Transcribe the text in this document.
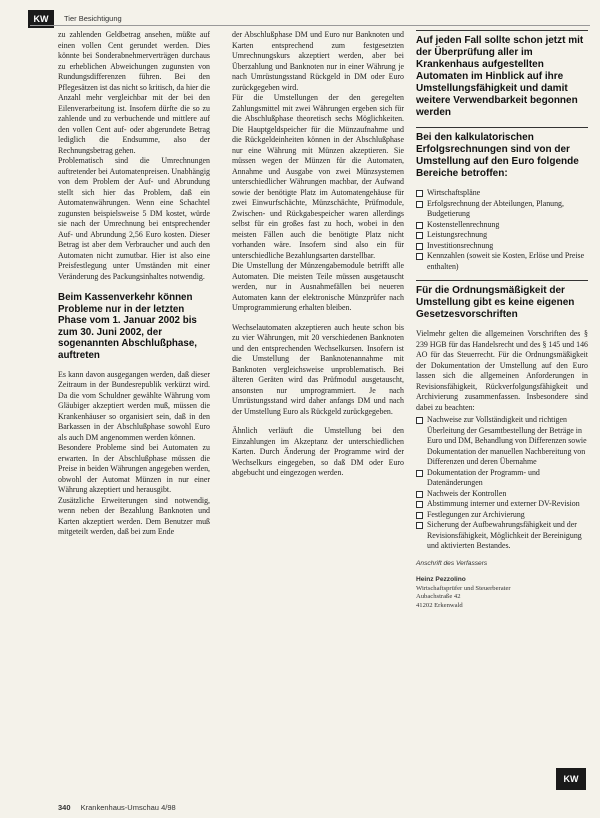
KW	Tier Besichtigung

zu zahlenden Geldbetrag ansehen, müßte auf einen vollen Cent gerundet werden. Dies könnte bei Sonderabnehmerverträgen durchaus zu erheblichen Abweichungen zugunsten von Rundungsdifferenzen führen. Bei den Pflegesätzen ist das nicht so kritisch, da hier die Anzahl mehr vergleichbar mit der bei den Eilenverarbeitung ist. Insofern dürfte die so zu zahlende und zu verbuchende und mittlere auf den vollen Cent auf- oder abgerundete Betrag lediglich die Endsumme, also der Rechnungsbetrag gehen.

Problematisch sind die Umrechnungen auftretender bei Automatenpreisen. Unabhängig von dem Problem der Auf- und Abrundung stellt sich hier das Problem, daß ein Automatenwährungen. Wenn eine Schachtel zugunsten beispielsweise 5 DM kostet, würde sie nach der Umrechnung bei entsprechender Auf- und Abrundung 2,56 Euro kosten. Dieser Betrag ist aber dem Verbraucher und auch den Automaten nicht zumutbar. Hier ist also eine Preisfestlegung unter Umständen mit einer Veränderung des Packungsinhaltes notwendig.

Beim Kassenverkehr können Probleme nur in der letzten Phase vom 1. Januar 2002 bis zum 30. Juni 2002, der sogenannten Abschlußphase, auftreten

Es kann davon ausgegangen werden, daß dieser Zeitraum in der Bundesrepublik verkürzt wird. Da die vom Schuldner gewählte Währung vom Gläubiger akzeptiert werden muß, müssen die Krankenhäuser so organisiert sein, daß in den Barkassen in der Abschlußphase sowohl Euro als auch DM angenommen werden können.

Besondere Probleme sind bei Automaten zu erwarten. In der Abschlußphase müssen die Preise in beiden Währungen angegeben werden, obwohl der Automat Münzen in nur einer Währung akzeptiert und herausgibt.

Zusätzliche Erweiterungen sind notwendig, wenn neben der Bezahlung Banknoten und Karten akzeptiert werden. Dem Benutzer muß mitgeteilt werden, daß bei zum Ende

der Abschlußphase DM und Euro nur Banknoten und Karten entsprechend zum festgesetzten Umrechnungskurs akzeptiert werden, aber bei Überzahlung und Banknoten nur in einer Währung je nach Umrüstungsstand Rückgeld in DM oder Euro zurückgegeben wird.

Für die Umstellungen der den geregelten Zahlungsmittel mit zwei Währungen ergeben sich für die Abschlußphase theoretisch sechs Möglichkeiten. Die Hauptgeldspeicher für die Münzaufnahme und die Rückgeldeinheiten können in der Abschlußphase nur eine Währung mit Münzen akzeptieren. Sie müssen wegen der Münzen für die Automaten, Annahme und Ausgabe von zwei Münzsystemen unterschiedlicher Währungen machbar, der Aufwand sowie der benötigte Platz im Automatengehäuse für zwei Einwurfschächte, Münzschächte, Prüfmodule, Zwischen- und Rückgabespeicher waren allerdings selbst für ein großes fast zu hoch, wobei in den meisten Fällen auch die benötigte Platz nicht vorhanden wäre. Insofern sind also ein für unterschiedliche Bezahlungsarten darstellbar.

Die Umstellung der Münzengabemodule betrifft alle Automaten. Die meisten Teile müssen ausgetauscht werden, nur in Ausnahmefällen bei neueren Automaten kann der elektronische Münzprüfer nach Umprogrammierung erhalten bleiben.

Wechselautomaten akzeptieren auch heute schon bis zu vier Währungen, mit 20 verschiedenen Banknoten und den entsprechenden Wechselkursen. Insofern ist die Umstellung der Banknotenannahme mit Banknoten vergleichsweise unproblematisch. Bei älteren Geräten wird das Prüfmodul ausgetauscht, ansonsten nur umprogrammiert. Je nach Umrüstungsstand wird daher anfangs DM und nach der Umstellung Euro als Rückgeld zurückgegeben.

Ähnlich verläuft die Umstellung bei den Einzahlungen im Akzeptanz der unterschiedlichen Karten. Durch Änderung der Programme wird der Wechselkurs eingegeben, so daß DM oder Euro abgebucht und eingezogen werden.

Auf jeden Fall sollte schon jetzt mit der Überprüfung aller im Krankenhaus aufgestellten Automaten im Hinblick auf ihre Umstellungsfähigkeit und damit weitere Verwendbarkeit begonnen werden
Bei den kalkulatorischen Erfolgsrechnungen sind von der Umstellung auf den Euro folgende Bereiche betroffen:
Wirtschaftspläne
Erfolgsrechnung der Abteilungen, Planung, Budgetierung
Kostenstellenrechnung
Leistungsrechnung
Investitionsrechnung
Kennzahlen (soweit sie Kosten, Erlöse und Preise enthalten)
Für die Ordnungsmäßigkeit der Umstellung gibt es keine eigenen Gesetzesvorschriften

Vielmehr gelten die allgemeinen Vorschriften des § 239 HGB für das Handelsrecht und des § 145 und 146 AO für das Steuerrecht. Für die Ordnungsmäßigkeit der Dokumentation der Umstellung auf den Euro lassen sich die allgemeinen Anforderungen in Revisionsfähigkeit, Rückverfolgungsfähigkeit und Archivierung zusammenfassen. Insbesondere sind dabei zu beachten:

Nachweise zur Vollständigkeit und richtigen Überleitung der Gesamtbestellung der Beträge in Euro und DM, Behandlung von Differenzen sowie Dokumentation der manuellen Nachbereitung von Differenzen und deren Übernahme
Dokumentation der Programm- und Datenänderungen
Nachweis der Kontrollen
Abstimmung interner und externer DV-Revision
Festlegungen zur Archivierung
Sicherung der Aufbewahrungsfähigkeit und der Revisionsfähigkeit, Möglichkeit der Bereinigung und aktivierten Bestandes.
Anschrift des Verfassers
Heinz Pezzolino
Wirtschaftsprüfer und Steuerberater
Aubachstraße 42
41202 Erkenwald
KW
340 Krankenhaus-Umschau 4/98
